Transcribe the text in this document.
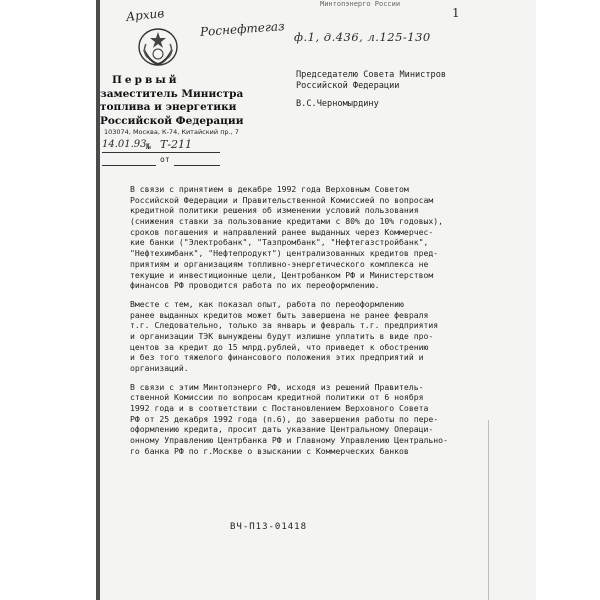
Минтопэнерго России
Архив
Роснефтегаз ф.1, д.436, л.125-130
1
Первый
заместитель Министра
топлива и энергетики
Российской Федерации
103074, Москва, К-74, Китайский пр., 7
14.01.93 № Т-211
от
Председателю Совета Министров
Российской Федерации
В.С.Черномырдину
В связи с принятием в декабре 1992 года Верховным Советом
Российской Федерации и Правительственной Комиссией по вопросам
кредитной политики решения об изменении условий пользования
(снижения ставки за пользование кредитами с 80% до 10% годовых),
сроков погашения и направлений ранее выданных через Коммерчес-
кие банки ("Электробанк", "Тазпромбанк", "Нефтегазстройбанк",
"Нефтехимбанк", "Нефтепродукт") централизованных кредитов пред-
приятиям и организациям топливно-энергетического комплекса не
текущие и инвестиционные цели, Центробанком РФ и Министерством
финансов РФ проводится работа по их переоформлению.
Вместе с тем, как показал опыт, работа по переоформлению
ранее выданных кредитов может быть завершена не ранее февраля
т.г. Следовательно, только за январь и февраль т.г. предприятия
и организации ТЭК вынуждены будут излишне уплатить в виде про-
центов за кредит до 15 млрд.рублей, что приведет к обострению
и без того тяжелого финансового положения этих предприятий и
организаций.
В связи с этим Минтопэнерго РФ, исходя из решений Правитель-
ственной Комиссии по вопросам кредитной политики от 6 ноября
1992 года и в соответствии с Постановлением Верховного Совета
РФ от 25 декабря 1992 года (п.6), до завершения работы по пере-
оформлению кредита, просит дать указание Центральному Операци-
онному Управлению Центрбанка РФ и Главному Управлению Центрально-
го банка РФ по г.Москве о взыскании с Коммерческих банков
ВЧ-П13-01418
